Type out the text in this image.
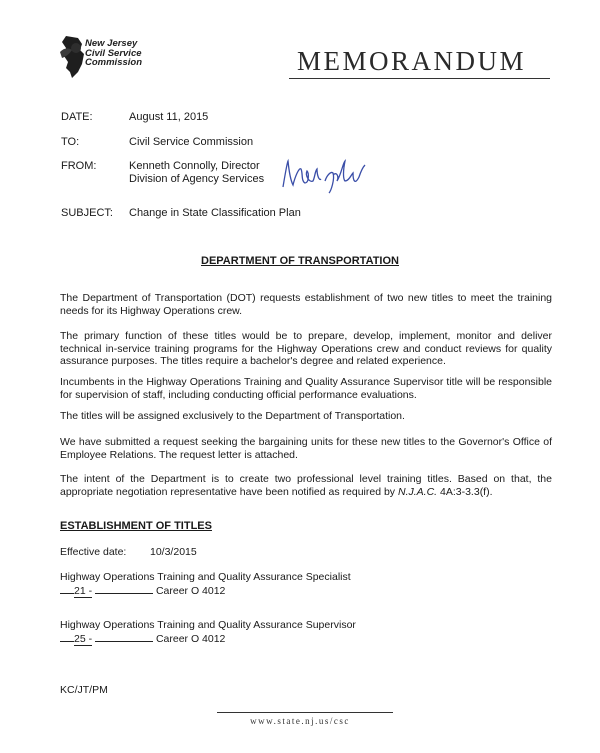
New Jersey
Civil Service
Commission	MEMORANDUM
DATE:	August 11, 2015
TO:	Civil Service Commission
FROM:	Kenneth Connolly, Director
Division of Agency Services
SUBJECT: Change in State Classification Plan
DEPARTMENT OF TRANSPORTATION
The Department of Transportation (DOT) requests establishment of two new titles to meet the training needs for its Highway Operations crew.
The primary function of these titles would be to prepare, develop, implement, monitor and deliver technical in-service training programs for the Highway Operations crew and conduct reviews for quality assurance purposes. The titles require a bachelor's degree and related experience.
Incumbents in the Highway Operations Training and Quality Assurance Supervisor title will be responsible for supervision of staff, including conducting official performance evaluations.
The titles will be assigned exclusively to the Department of Transportation.
We have submitted a request seeking the bargaining units for these new titles to the Governor's Office of Employee Relations. The request letter is attached.
The intent of the Department is to create two professional level training titles. Based on that, the appropriate negotiation representative have been notified as required by N.J.A.C. 4A:3-3.3(f).
ESTABLISHMENT OF TITLES
Effective date: 10/3/2015
Highway Operations Training and Quality Assurance Specialist
21 -	Career O 4012
Highway Operations Training and Quality Assurance Supervisor
25 -	Career O 4012
KC/JT/PM
www.state.nj.us/csc
